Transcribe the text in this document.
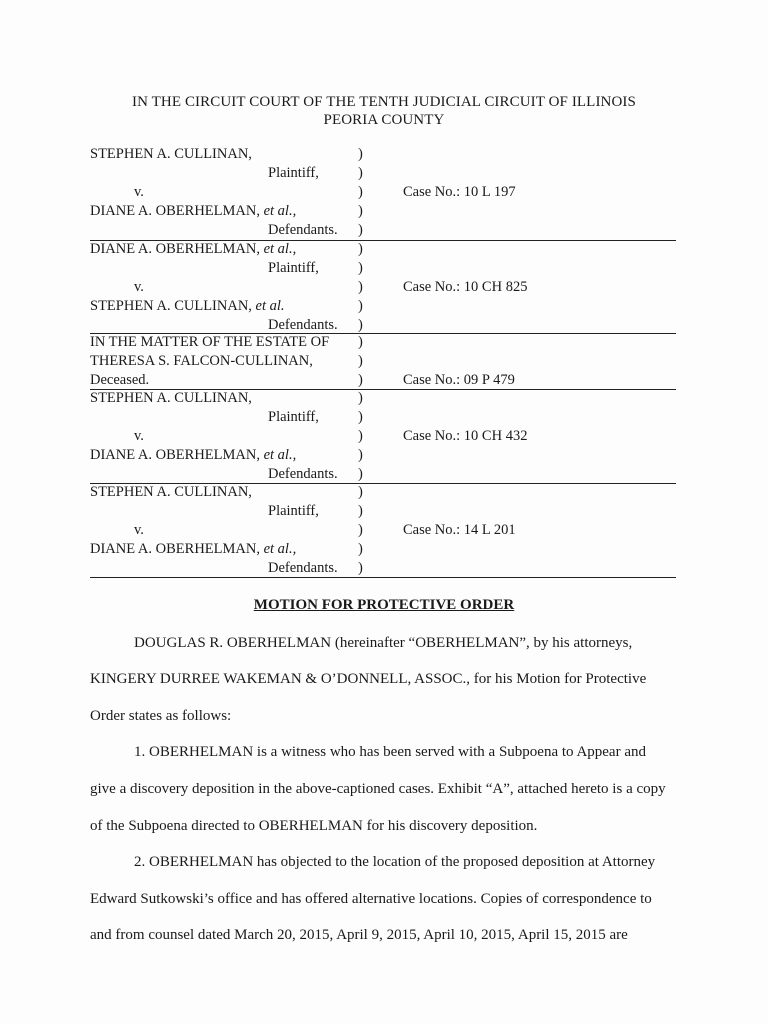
IN THE CIRCUIT COURT OF THE TENTH JUDICIAL CIRCUIT OF ILLINOIS
PEORIA COUNTY
STEPHEN A. CULLINAN,
Plaintiff,
v.
DIANE A. OBERHELMAN, et al.,
Defendants.
)
)
)
)
)
Case No.: 10 L 197
DIANE A. OBERHELMAN, et al.,
Plaintiff,
v.
STEPHEN A. CULLINAN, et al.
Defendants.
)
)
)
)
)
Case No.: 10 CH 825
IN THE MATTER OF THE ESTATE OF
THERESA S. FALCON-CULLINAN,
Deceased.
)
)
)	Case No.: 09 P 479
STEPHEN A. CULLINAN,
Plaintiff,
v.
DIANE A. OBERHELMAN, et al.,
Defendants.
)
)
)
)
)
Case No.: 10 CH 432
STEPHEN A. CULLINAN,
Plaintiff,
v.
DIANE A. OBERHELMAN, et al.,
Defendants.
)
)
)
)
)
Case No.: 14 L 201
MOTION FOR PROTECTIVE ORDER
DOUGLAS R. OBERHELMAN (hereinafter “OBERHELMAN”, by his attorneys,
KINGERY DURREE WAKEMAN & O’DONNELL, ASSOC., for his Motion for Protective
Order states as follows:
1. OBERHELMAN is a witness who has been served with a Subpoena to Appear and
give a discovery deposition in the above-captioned cases. Exhibit “A”, attached hereto is a copy
of the Subpoena directed to OBERHELMAN for his discovery deposition.
2. OBERHELMAN has objected to the location of the proposed deposition at Attorney
Edward Sutkowski’s office and has offered alternative locations. Copies of correspondence to
and from counsel dated March 20, 2015, April 9, 2015, April 10, 2015, April 15, 2015 are
